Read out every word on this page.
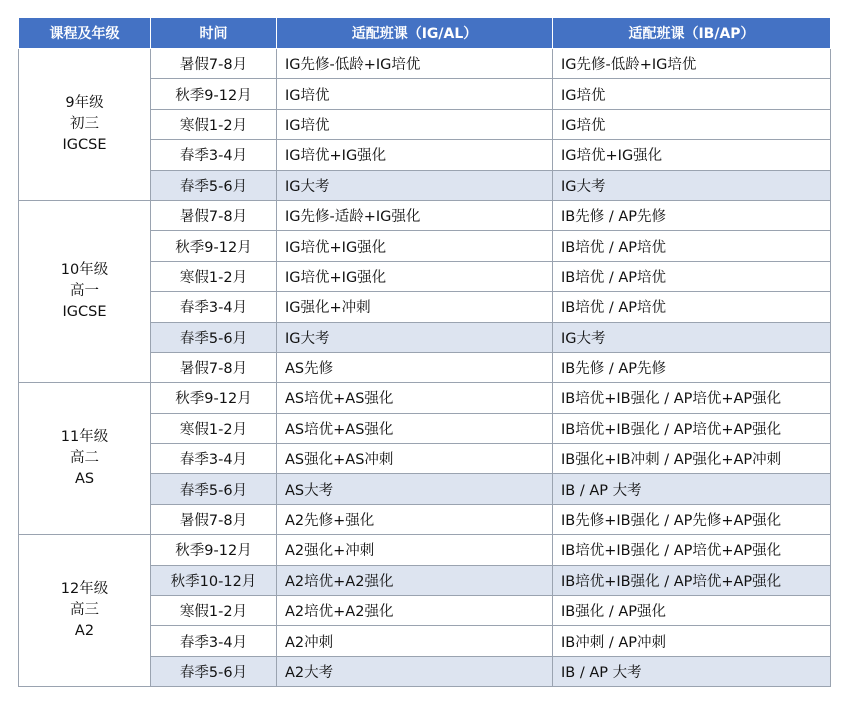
课程及年级	时间	适配班课（IG/AL）	适配班课（IB/AP）

9年级
初三
IGCSE	暑假7-8月	IG先修-低龄+IG培优	IG先修-低龄+IG培优
	秋季9-12月	IG培优	IG培优
	寒假1-2月	IG培优	IG培优
	春季3-4月	IG培优+IG强化	IG培优+IG强化
	春季5-6月	IG大考	IG大考

10年级
高一
IGCSE	暑假7-8月	IG先修-适龄+IG强化	IB先修 / AP先修
	秋季9-12月	IG培优+IG强化	IB培优 / AP培优
	寒假1-2月	IG培优+IG强化	IB培优 / AP培优
	春季3-4月	IG强化+冲刺	IB培优 / AP培优
	春季5-6月	IG大考	IG大考
	暑假7-8月	AS先修	IB先修 / AP先修

11年级
高二
AS	秋季9-12月	AS培优+AS强化	IB培优+IB强化 / AP培优+AP强化
	寒假1-2月	AS培优+AS强化	IB培优+IB强化 / AP培优+AP强化
	春季3-4月	AS强化+AS冲刺	IB强化+IB冲刺 / AP强化+AP冲刺
	春季5-6月	AS大考	IB / AP 大考
	暑假7-8月	A2先修+强化	IB先修+IB强化 / AP先修+AP强化

12年级
高三
A2	秋季9-12月	A2强化+冲刺	IB培优+IB强化 / AP培优+AP强化
	秋季10-12月	A2培优+A2强化	IB培优+IB强化 / AP培优+AP强化
	寒假1-2月	A2培优+A2强化	IB强化 / AP强化
	春季3-4月	A2冲刺	IB冲刺 / AP冲刺
	春季5-6月	A2大考	IB / AP 大考
